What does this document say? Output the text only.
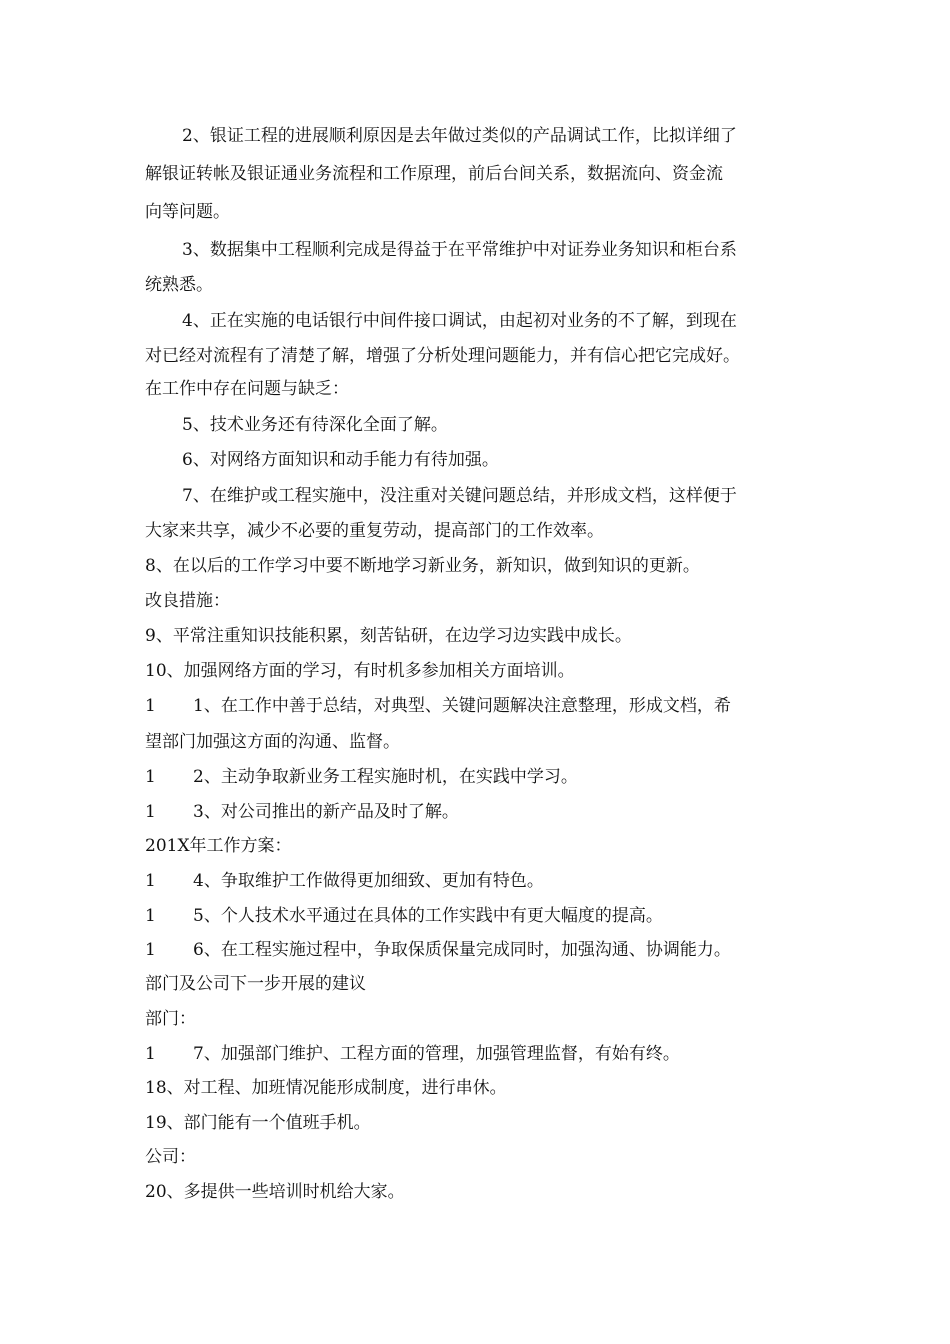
2、银证工程的进展顺利原因是去年做过类似的产品调试工作，比拟详细了
解银证转帐及银证通业务流程和工作原理，前后台间关系，数据流向、资金流
向等问题。
3、数据集中工程顺利完成是得益于在平常维护中对证券业务知识和柜台系
统熟悉。
4、正在实施的电话银行中间件接口调试，由起初对业务的不了解，到现在
对已经对流程有了清楚了解，增强了分析处理问题能力，并有信心把它完成好。
在工作中存在问题与缺乏：
5、技术业务还有待深化全面了解。
6、对网络方面知识和动手能力有待加强。
7、在维护或工程实施中，没注重对关键问题总结，并形成文档，这样便于
大家来共享，减少不必要的重复劳动，提高部门的工作效率。
8、在以后的工作学习中要不断地学习新业务，新知识，做到知识的更新。
改良措施：
9、平常注重知识技能积累，刻苦钻研，在边学习边实践中成长。
10、加强网络方面的学习，有时机多参加相关方面培训。
1 1、在工作中善于总结，对典型、关键问题解决注意整理，形成文档，希
望部门加强这方面的沟通、监督。
1 2、主动争取新业务工程实施时机，在实践中学习。
1 3、对公司推出的新产品及时了解。
201X年工作方案：
1 4、争取维护工作做得更加细致、更加有特色。
1 5、个人技术水平通过在具体的工作实践中有更大幅度的提高。
1 6、在工程实施过程中，争取保质保量完成同时，加强沟通、协调能力。
部门及公司下一步开展的建议
部门：
1 7、加强部门维护、工程方面的管理，加强管理监督，有始有终。
18、对工程、加班情况能形成制度，进行串休。
19、部门能有一个值班手机。
公司：
20、多提供一些培训时机给大家。
